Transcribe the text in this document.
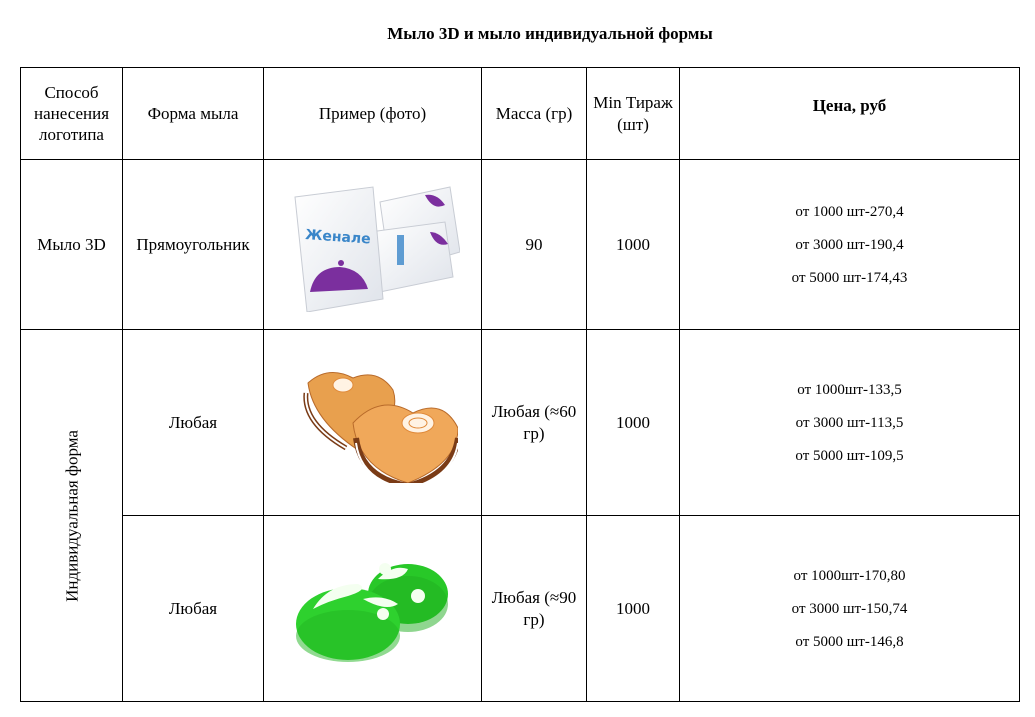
Мыло 3D и мыло индивидуальной формы
Способ нанесения логотипа	Форма мыла	Пример (фото)	Масса (гр)	Min Тираж (шт)	Цена, руб
Мыло 3D	Прямоугольник	Женале	90	1000	от 1000 шт-270,4
от 3000 шт-190,4
от 5000 шт-174,43

Индивидуальная форма	Любая		Любая (≈60 гр)	1000	от 1000шт-133,5
от 3000 шт-113,5
от 5000 шт-109,5

	Любая		Любая (≈90 гр)	1000	от 1000шт-170,80
от 3000 шт-150,74
от 5000 шт-146,8
